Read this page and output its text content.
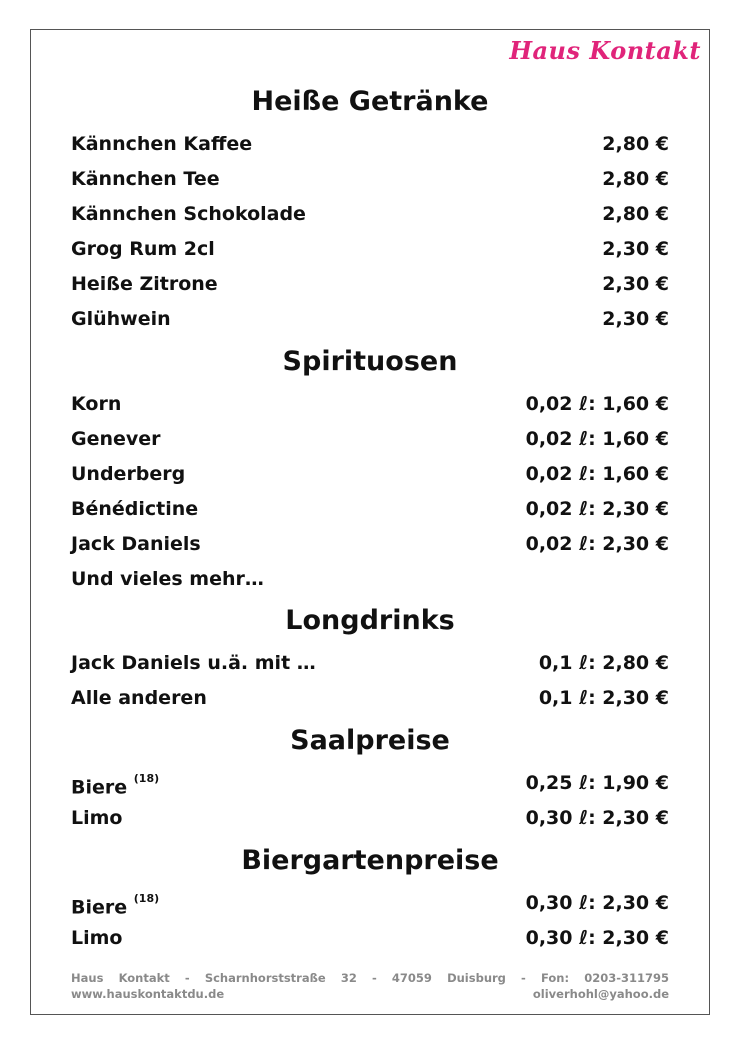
Haus Kontakt
Heiße Getränke
Kännchen Kaffee	2,80 €
Kännchen Tee	2,80 €
Kännchen Schokolade	2,80 €
Grog Rum 2cl	2,30 €
Heiße Zitrone	2,30 €
Glühwein	2,30 €
Spirituosen
Korn	0,02 ℓ: 1,60 €
Genever	0,02 ℓ: 1,60 €
Underberg	0,02 ℓ: 1,60 €
Bénédictine	0,02 ℓ: 2,30 €
Jack Daniels	0,02 ℓ: 2,30 €
Und vieles mehr…
Longdrinks
Jack Daniels u.ä. mit …	0,1 ℓ: 2,80 €
Alle anderen	0,1 ℓ: 2,30 €
Saalpreise
Biere $^{(18)}$	0,25 ℓ: 1,90 €
Limo	0,30 ℓ: 2,30 €
Biergartenpreise
Biere $^{(18)}$	0,30 ℓ: 2,30 €
Limo	0,30 ℓ: 2,30 €
Haus Kontakt - Scharnhorststraße 32 - 47059 Duisburg - Fon: 0203-311795
www.hauskontaktdu.de	oliverhohl@yahoo.de
